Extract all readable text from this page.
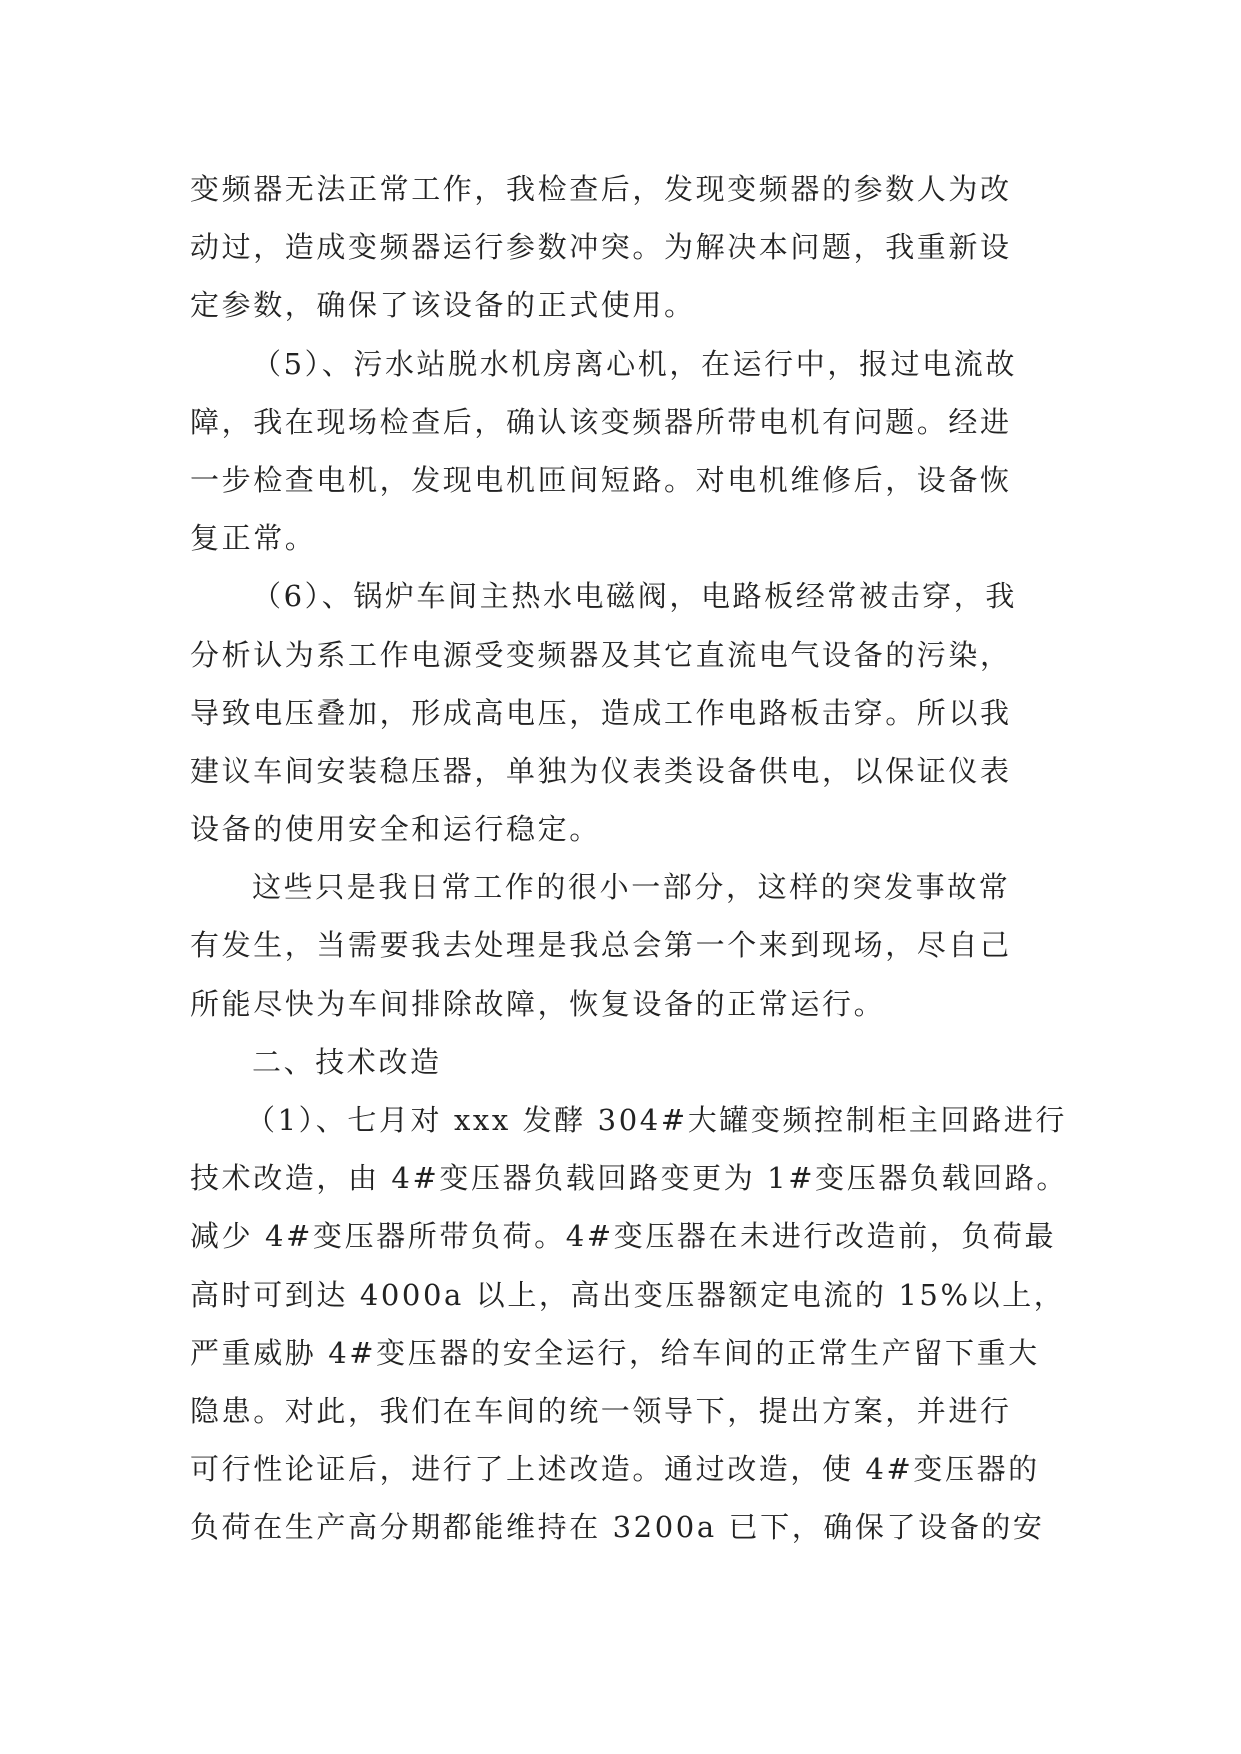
变频器无法正常工作，我检查后，发现变频器的参数人为改
动过，造成变频器运行参数冲突。为解决本问题，我重新设
定参数，确保了该设备的正式使用。
（5）、污水站脱水机房离心机，在运行中，报过电流故
障，我在现场检查后，确认该变频器所带电机有问题。经进
一步检查电机，发现电机匝间短路。对电机维修后，设备恢
复正常。
（6）、锅炉车间主热水电磁阀，电路板经常被击穿，我
分析认为系工作电源受变频器及其它直流电气设备的污染，
导致电压叠加，形成高电压，造成工作电路板击穿。所以我
建议车间安装稳压器，单独为仪表类设备供电，以保证仪表
设备的使用安全和运行稳定。
这些只是我日常工作的很小一部分，这样的突发事故常
有发生，当需要我去处理是我总会第一个来到现场，尽自己
所能尽快为车间排除故障，恢复设备的正常运行。
二、技术改造
（1）、七月对 xxx 发酵 304#大罐变频控制柜主回路进行
技术改造，由 4#变压器负载回路变更为 1#变压器负载回路。
减少 4#变压器所带负荷。4#变压器在未进行改造前，负荷最
高时可到达 4000a 以上，高出变压器额定电流的 15%以上，
严重威胁 4#变压器的安全运行，给车间的正常生产留下重大
隐患。对此，我们在车间的统一领导下，提出方案，并进行
可行性论证后，进行了上述改造。通过改造，使 4#变压器的
负荷在生产高分期都能维持在 3200a 已下，确保了设备的安
